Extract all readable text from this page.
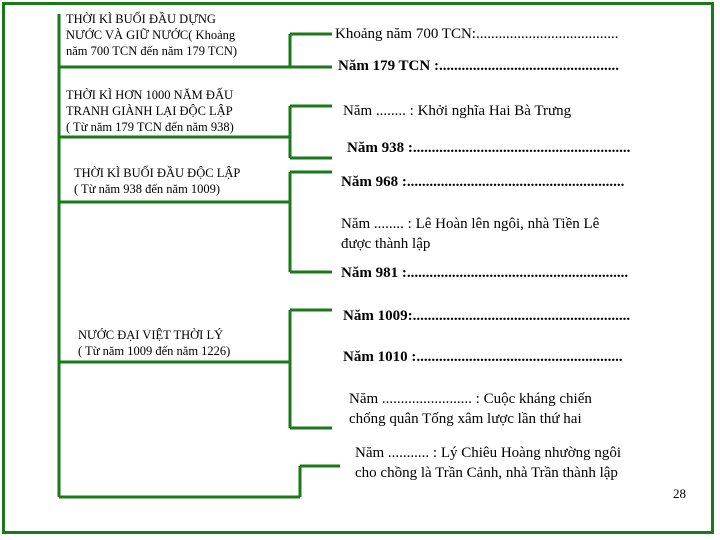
THỜI KÌ BUỔI ĐẦU DỰNG
NƯỚC VÀ GIỮ NƯỚC( Khoảng
năm 700 TCN đến năm 179 TCN)
THỜI KÌ HƠN 1000 NĂM ĐẤU
TRANH GIÀNH LẠI ĐỘC LẬP
( Từ năm 179 TCN đến năm 938)
THỜI KÌ BUỔI ĐẦU ĐỘC LẬP
( Từ năm 938 đến năm 1009)
NƯỚC ĐẠI VIỆT THỜI LÝ
( Từ năm 1009 đến năm 1226)
Khoảng năm 700 TCN:......................................
Năm 179 TCN :................................................
Năm ........ : Khởi nghĩa Hai Bà Trưng
Năm 938 :..........................................................
Năm 968 :..........................................................
Năm ........ : Lê Hoàn lên ngôi, nhà Tiền Lê
được thành lập
Năm 981 :...........................................................
Năm 1009:..........................................................
Năm 1010 :.......................................................
Năm ........................ : Cuộc kháng chiến
chống quân Tống xâm lược lần thứ hai
Năm ........... : Lý Chiêu Hoàng nhường ngôi
cho chồng là Trần Cảnh, nhà Trần thành lập
28
